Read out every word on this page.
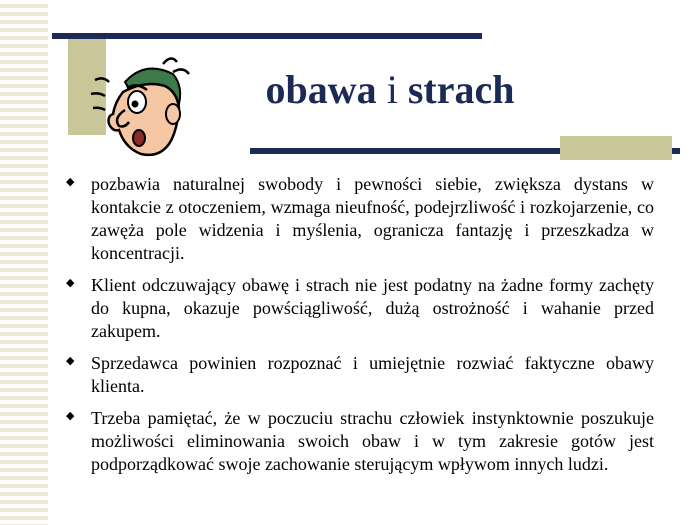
obawa i strach
◆ pozbawia naturalnej swobody i pewności siebie, zwiększa dystans w kontakcie z otoczeniem, wzmaga nieufność, podejrzliwość i rozkojarzenie, co zawęża pole widzenia i myślenia, ogranicza fantazję i przeszkadza w koncentracji.
◆ Klient odczuwający obawę i strach nie jest podatny na żadne formy zachęty do kupna, okazuje powściągliwość, dużą ostrożność i wahanie przed zakupem.
◆ Sprzedawca powinien rozpoznać i umiejętnie rozwiać faktyczne obawy klienta.
◆ Trzeba pamiętać, że w poczuciu strachu człowiek instynktownie poszukuje możliwości eliminowania swoich obaw i w tym zakresie gotów jest podporządkować swoje zachowanie sterującym wpływom innych ludzi.
